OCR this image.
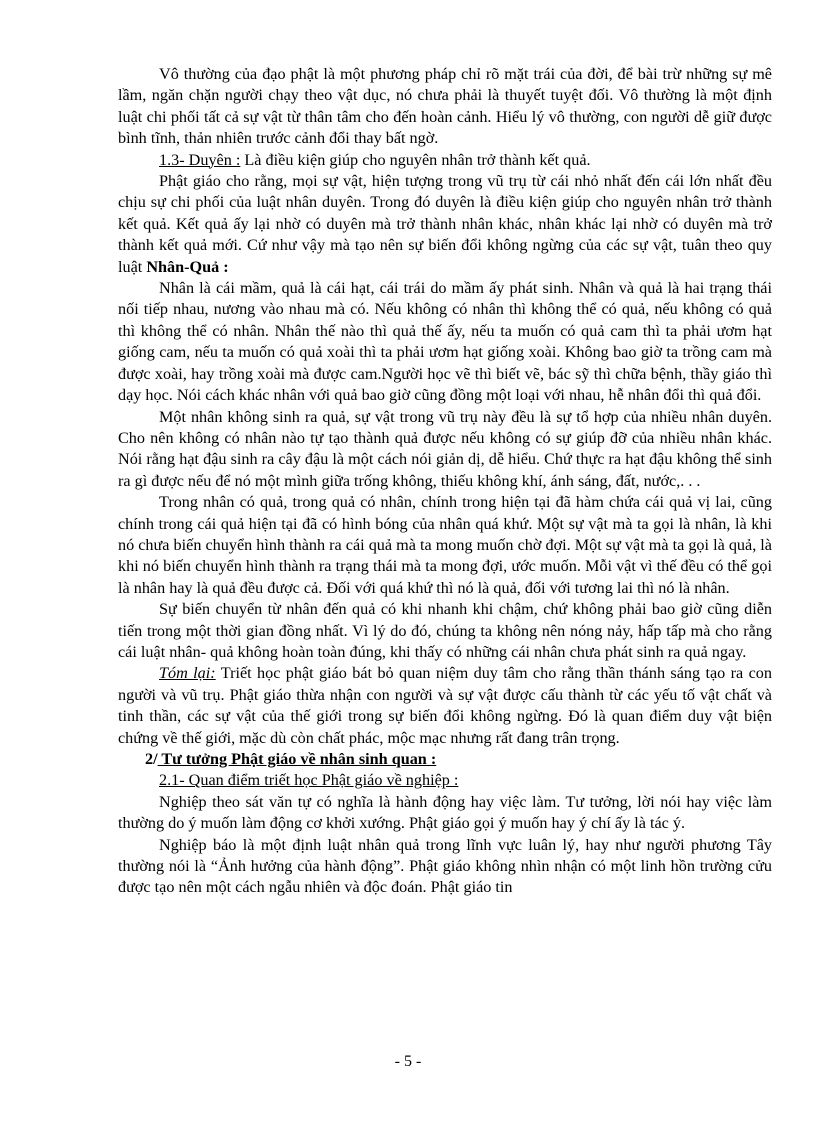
Vô thường của đạo phật là một phương pháp chỉ rõ mặt trái của đời, để bài trừ những sự mê lầm, ngăn chặn người chạy theo vật dục, nó chưa phải là thuyết tuyệt đối. Vô thường là một định luật chi phối tất cả sự vật từ thân tâm cho đến hoàn cảnh. Hiểu lý vô thường, con người dễ giữ được bình tĩnh, thản nhiên trước cảnh đổi thay bất ngờ.

1.3- Duyên : Là điều kiện giúp cho nguyên nhân trở thành kết quả.

Phật giáo cho rằng, mọi sự vật, hiện tượng trong vũ trụ từ cái nhỏ nhất đến cái lớn nhất đều chịu sự chi phối của luật nhân duyên. Trong đó duyên là điều kiện giúp cho nguyên nhân trở thành kết quả. Kết quả ấy lại nhờ có duyên mà trở thành nhân khác, nhân khác lại nhờ có duyên mà trở thành kết quả mới. Cứ như vậy mà tạo nên sự biến đổi không ngừng của các sự vật, tuân theo quy luật Nhân-Quả :

Nhân là cái mầm, quả là cái hạt, cái trái do mầm ấy phát sinh. Nhân và quả là hai trạng thái nối tiếp nhau, nương vào nhau mà có. Nếu không có nhân thì không thể có quả, nếu không có quả thì không thể có nhân. Nhân thế nào thì quả thế ấy, nếu ta muốn có quả cam thì ta phải ươm hạt giống cam, nếu ta muốn có quả xoài thì ta phải ươm hạt giống xoài. Không bao giờ ta trồng cam mà được xoài, hay trồng xoài mà được cam.Người học vẽ thì biết vẽ, bác sỹ thì chữa bệnh, thầy giáo thì dạy học. Nói cách khác nhân với quả bao giờ cũng đồng một loại với nhau, hễ nhân đổi thì quả đổi.

Một nhân không sinh ra quả, sự vật trong vũ trụ này đều là sự tổ hợp của nhiều nhân duyên. Cho nên không có nhân nào tự tạo thành quả được nếu không có sự giúp đỡ của nhiều nhân khác. Nói rằng hạt đậu sinh ra cây đậu là một cách nói giản dị, dễ hiểu. Chứ thực ra hạt đậu không thể sinh ra gì được nếu để nó một mình giữa trống không, thiếu không khí, ánh sáng, đất, nước,. . .

Trong nhân có quả, trong quả có nhân, chính trong hiện tại đã hàm chứa cái quả vị lai, cũng chính trong cái quả hiện tại đã có hình bóng của nhân quá khứ. Một sự vật mà ta gọi là nhân, là khi nó chưa biến chuyển hình thành ra cái quả mà ta mong muốn chờ đợi. Một sự vật mà ta gọi là quả, là khi nó biến chuyển hình thành ra trạng thái mà ta mong đợi, ước muốn. Mỗi vật vì thế đều có thể gọi là nhân hay là quả đều được cả. Đối với quá khứ thì nó là quả, đối với tương lai thì nó là nhân.

Sự biến chuyển từ nhân đến quả có khi nhanh khi chậm, chứ không phải bao giờ cũng diễn tiến trong một thời gian đồng nhất. Vì lý do đó, chúng ta không nên nóng nảy, hấp tấp mà cho rằng cái luật nhân- quả không hoàn toàn đúng, khi thấy có những cái nhân chưa phát sinh ra quả ngay.

Tóm lại: Triết học phật giáo bát bỏ quan niệm duy tâm cho rằng thần thánh sáng tạo ra con người và vũ trụ. Phật giáo thừa nhận con người và sự vật được cấu thành từ các yếu tố vật chất và tinh thần, các sự vật của thế giới trong sự biến đổi không ngừng. Đó là quan điểm duy vật biện chứng về thế giới, mặc dù còn chất phác, mộc mạc nhưng rất đang trân trọng.

2/ Tư tưởng Phật giáo về nhân sinh quan :

2.1- Quan điểm triết học Phật giáo về nghiệp :

Nghiệp theo sát văn tự có nghĩa là hành động hay việc làm. Tư tưởng, lời nói hay việc làm thường do ý muốn làm động cơ khởi xướng. Phật giáo gọi ý muốn hay ý chí ấy là tác ý.

Nghiệp báo là một định luật nhân quả trong lĩnh vực luân lý, hay như người phương Tây thường nói là “Ảnh hưởng của hành động”. Phật giáo không nhìn nhận có một linh hồn trường cửu được tạo nên một cách ngẫu nhiên và độc đoán. Phật giáo tin

- 5 -
